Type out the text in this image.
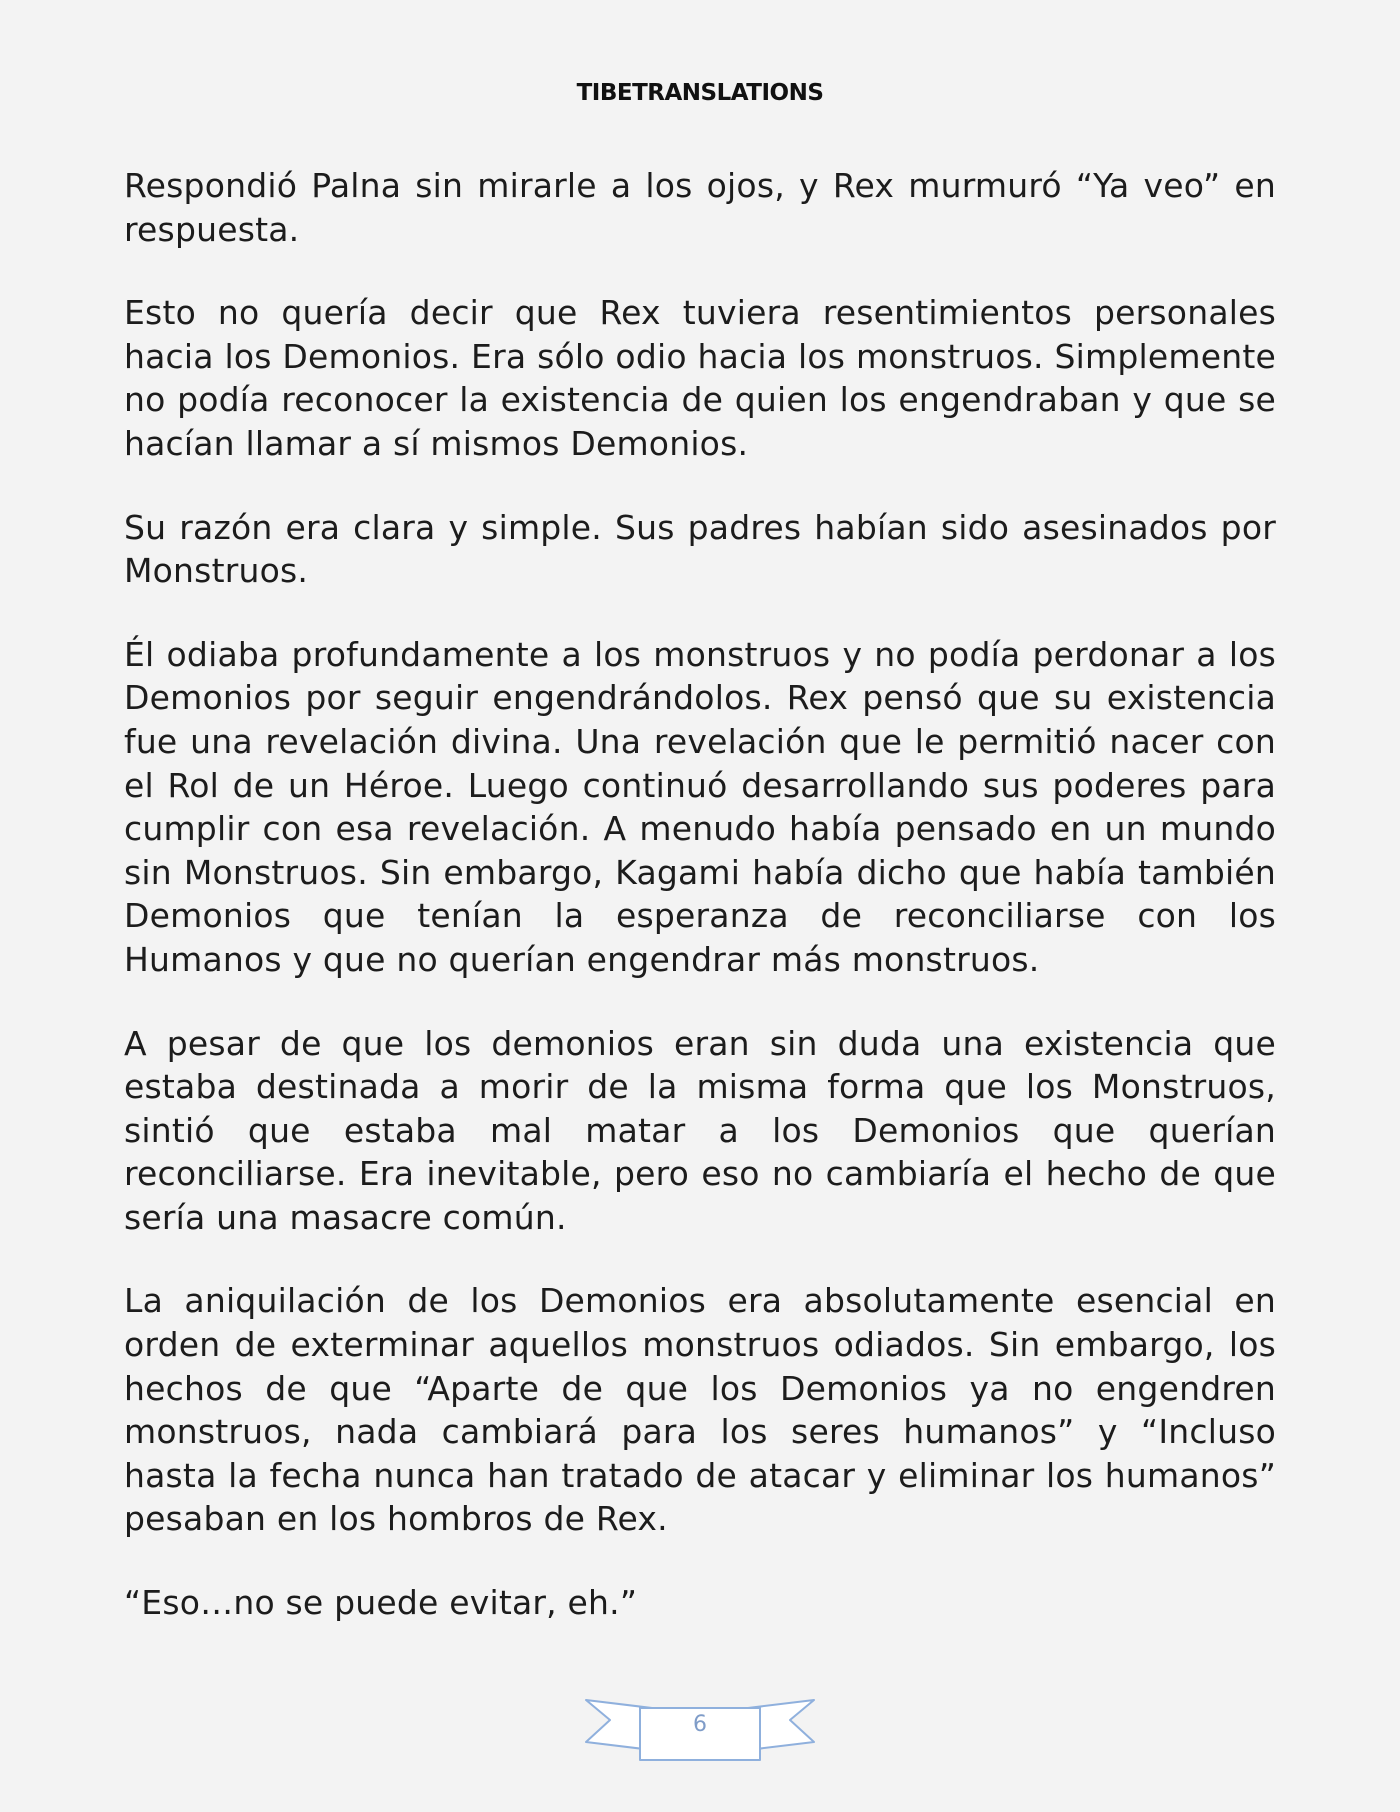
TIBETRANSLATIONS

Respondió Palna sin mirarle a los ojos, y Rex murmuró “Ya veo” en respuesta.

Esto no quería decir que Rex tuviera resentimientos personales hacia los Demonios. Era sólo odio hacia los monstruos. Simplemente no podía reconocer la existencia de quien los engendraban y que se hacían llamar a sí mismos Demonios.

Su razón era clara y simple. Sus padres habían sido asesinados por Monstruos.

Él odiaba profundamente a los monstruos y no podía perdonar a los Demonios por seguir engendrándolos. Rex pensó que su existencia fue una revelación divina. Una revelación que le permitió nacer con el Rol de un Héroe. Luego continuó desarrollando sus poderes para cumplir con esa revelación. A menudo había pensado en un mundo sin Monstruos. Sin embargo, Kagami había dicho que había también Demonios que tenían la esperanza de reconciliarse con los Humanos y que no querían engendrar más monstruos.

A pesar de que los demonios eran sin duda una existencia que estaba destinada a morir de la misma forma que los Monstruos, sintió que estaba mal matar a los Demonios que querían reconciliarse. Era inevitable, pero eso no cambiaría el hecho de que sería una masacre común.

La aniquilación de los Demonios era absolutamente esencial en orden de exterminar aquellos monstruos odiados. Sin embargo, los hechos de que “Aparte de que los Demonios ya no engendren monstruos, nada cambiará para los seres humanos” y “Incluso hasta la fecha nunca han tratado de atacar y eliminar los humanos” pesaban en los hombros de Rex.

“Eso…no se puede evitar, eh.”

6
